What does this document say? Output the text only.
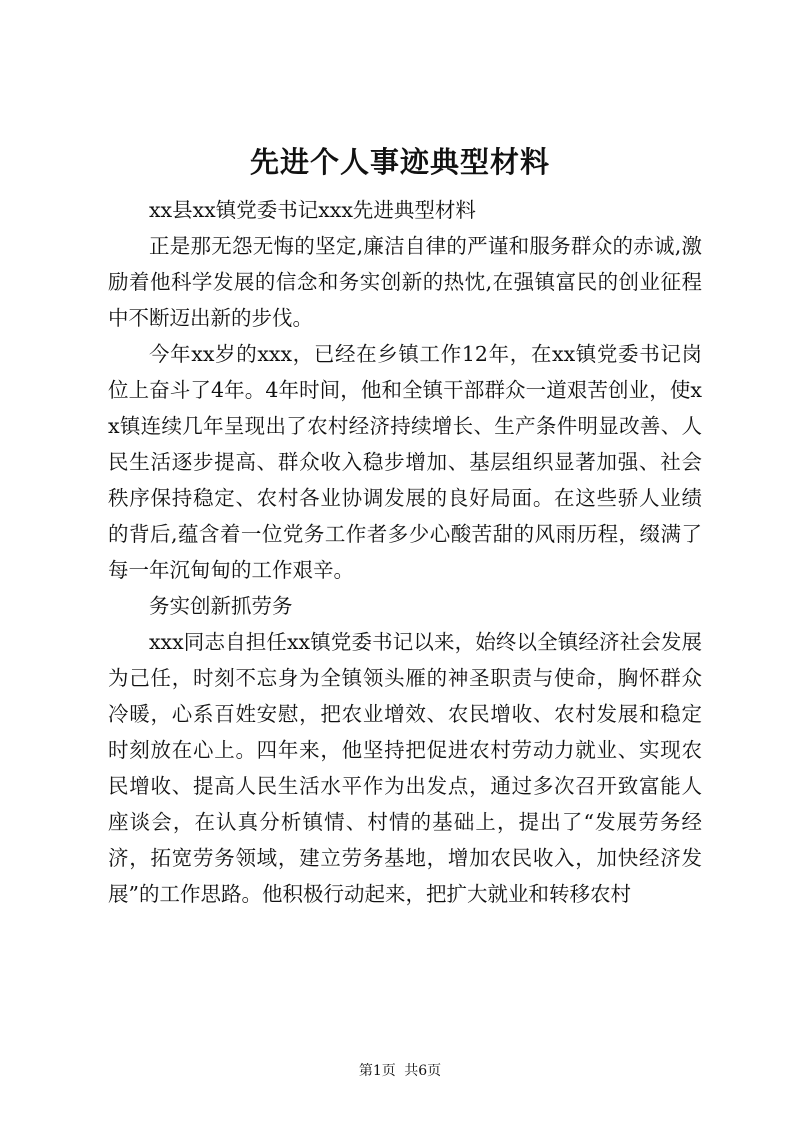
先进个人事迹典型材料

xx县xx镇党委书记xxx先进典型材料

正是那无怨无悔的坚定,廉洁自律的严谨和服务群众的赤诚,激励着他科学发展的信念和务实创新的热忱,在强镇富民的创业征程中不断迈出新的步伐。

今年xx岁的xxx，已经在乡镇工作12年，在xx镇党委书记岗位上奋斗了4年。4年时间，他和全镇干部群众一道艰苦创业，使xx镇连续几年呈现出了农村经济持续增长、生产条件明显改善、人民生活逐步提高、群众收入稳步增加、基层组织显著加强、社会秩序保持稳定、农村各业协调发展的良好局面。在这些骄人业绩的背后,蕴含着一位党务工作者多少心酸苦甜的风雨历程，缀满了每一年沉甸甸的工作艰辛。

务实创新抓劳务

xxx同志自担任xx镇党委书记以来，始终以全镇经济社会发展为己任，时刻不忘身为全镇领头雁的神圣职责与使命，胸怀群众冷暖，心系百姓安慰，把农业增效、农民增收、农村发展和稳定时刻放在心上。四年来，他坚持把促进农村劳动力就业、实现农民增收、提高人民生活水平作为出发点，通过多次召开致富能人座谈会，在认真分析镇情、村情的基础上，提出了“发展劳务经济，拓宽劳务领域，建立劳务基地，增加农民收入，加快经济发展”的工作思路。他积极行动起来，把扩大就业和转移农村

第1页 共6页
